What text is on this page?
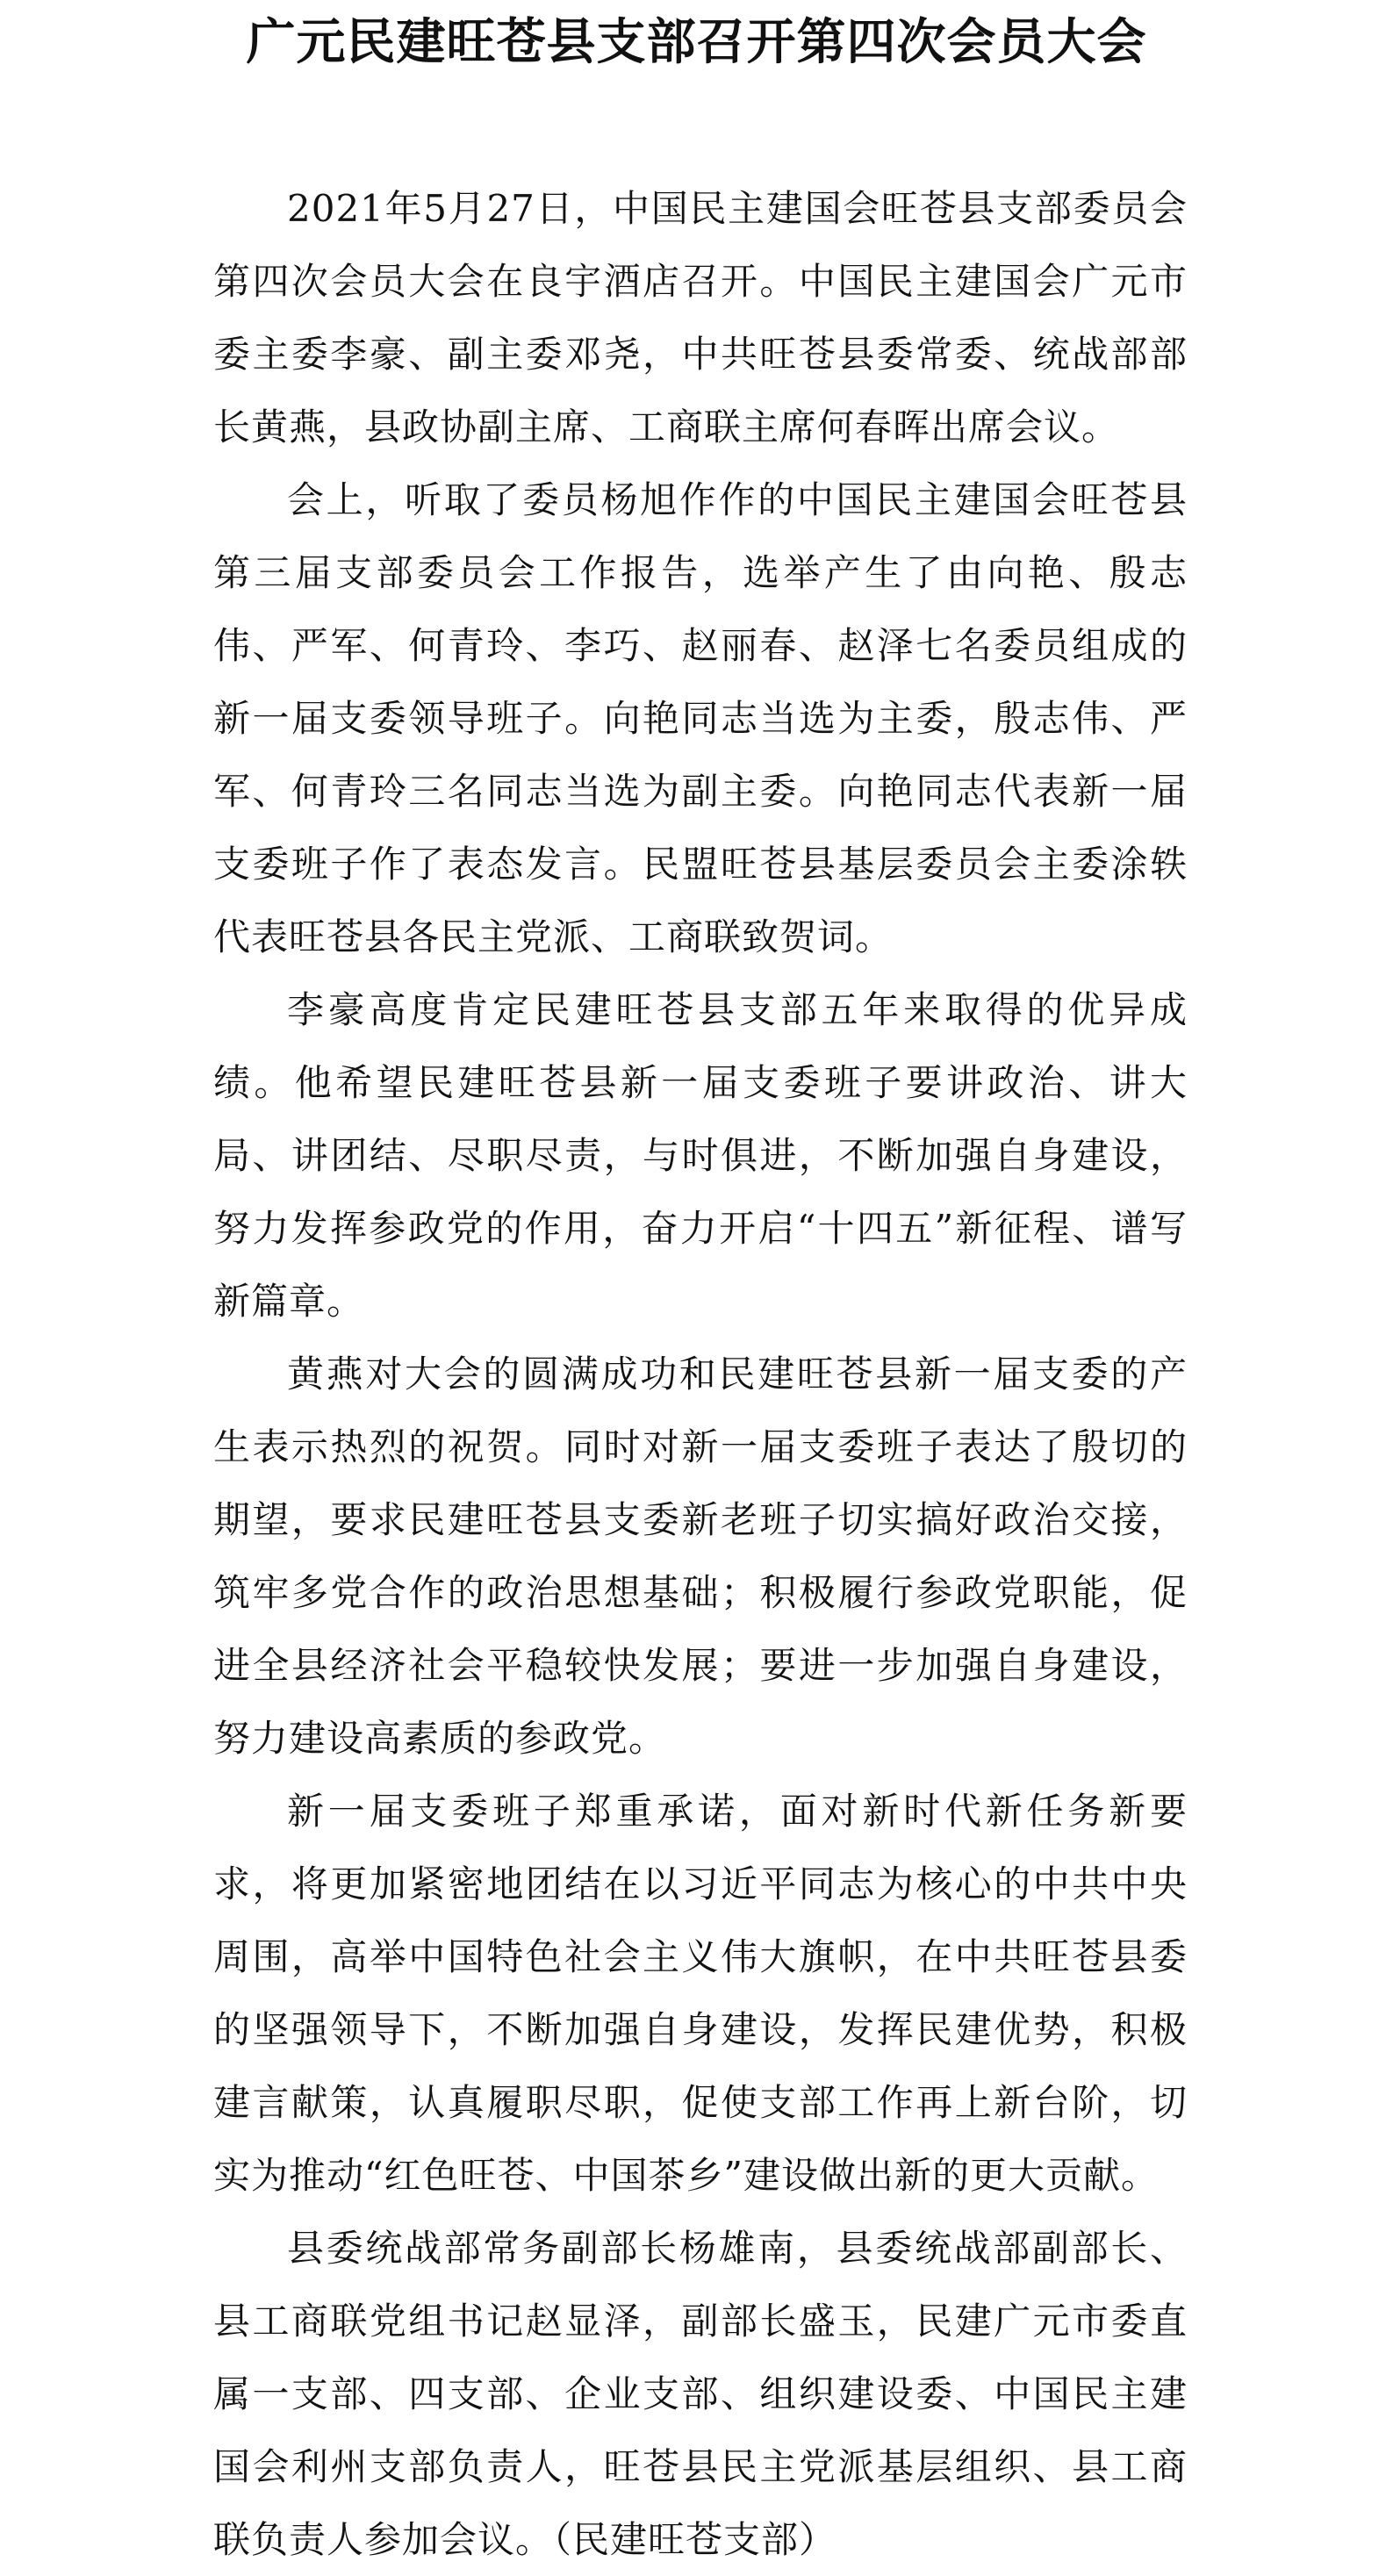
广元民建旺苍县支部召开第四次会员大会

2021年5月27日，中国民主建国会旺苍县支部委员会第四次会员大会在良宇酒店召开。中国民主建国会广元市委主委李豪、副主委邓尧，中共旺苍县委常委、统战部部长黄燕，县政协副主席、工商联主席何春晖出席会议。

会上，听取了委员杨旭作作的中国民主建国会旺苍县第三届支部委员会工作报告，选举产生了由向艳、殷志伟、严军、何青玲、李巧、赵丽春、赵泽七名委员组成的新一届支委领导班子。向艳同志当选为主委，殷志伟、严军、何青玲三名同志当选为副主委。向艳同志代表新一届支委班子作了表态发言。民盟旺苍县基层委员会主委涂轶代表旺苍县各民主党派、工商联致贺词。

李豪高度肯定民建旺苍县支部五年来取得的优异成绩。他希望民建旺苍县新一届支委班子要讲政治、讲大局、讲团结、尽职尽责，与时俱进，不断加强自身建设，努力发挥参政党的作用，奋力开启“十四五”新征程、谱写新篇章。

黄燕对大会的圆满成功和民建旺苍县新一届支委的产生表示热烈的祝贺。同时对新一届支委班子表达了殷切的期望，要求民建旺苍县支委新老班子切实搞好政治交接，筑牢多党合作的政治思想基础；积极履行参政党职能，促进全县经济社会平稳较快发展；要进一步加强自身建设，努力建设高素质的参政党。

新一届支委班子郑重承诺，面对新时代新任务新要求，将更加紧密地团结在以习近平同志为核心的中共中央周围，高举中国特色社会主义伟大旗帜，在中共旺苍县委的坚强领导下，不断加强自身建设，发挥民建优势，积极建言献策，认真履职尽职，促使支部工作再上新台阶，切实为推动“红色旺苍、中国茶乡”建设做出新的更大贡献。

县委统战部常务副部长杨雄南，县委统战部副部长、县工商联党组书记赵显泽，副部长盛玉，民建广元市委直属一支部、四支部、企业支部、组织建设委、中国民主建国会利州支部负责人，旺苍县民主党派基层组织、县工商联负责人参加会议。（民建旺苍支部）
